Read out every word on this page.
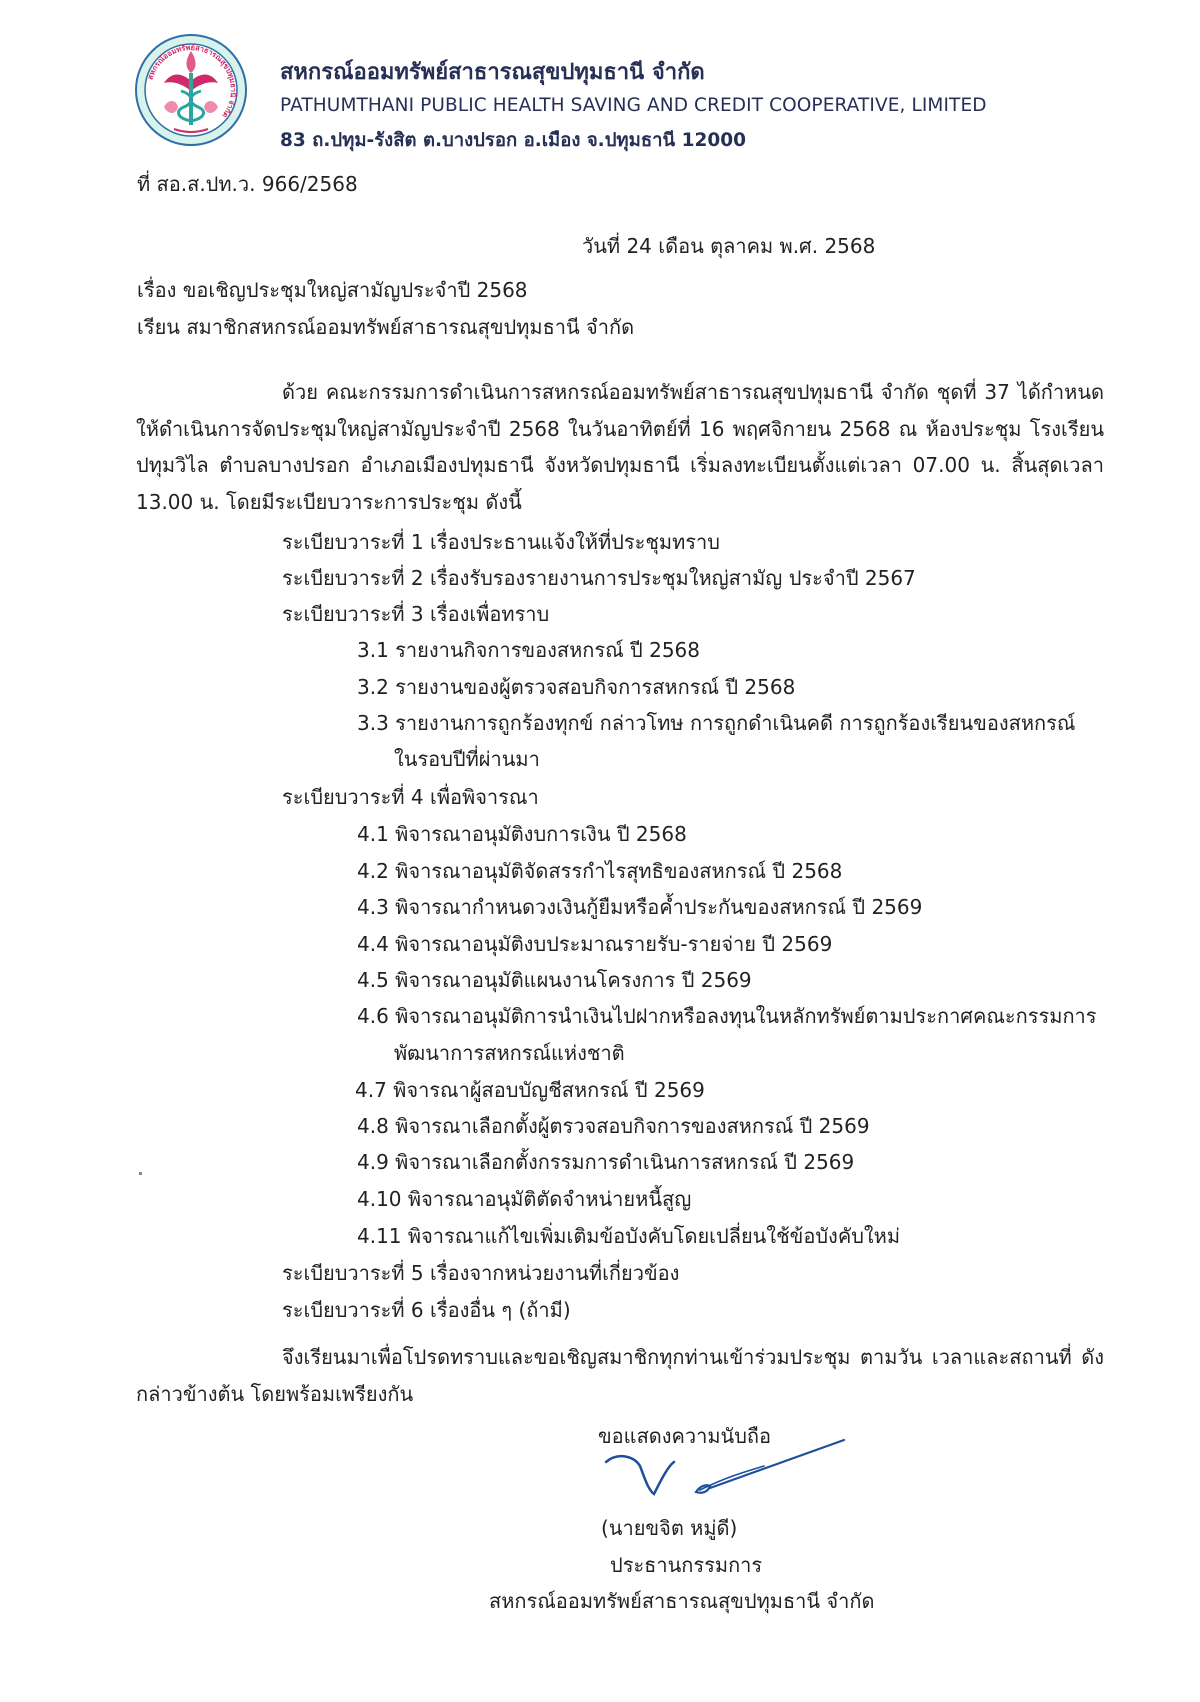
สหกรณ์ออมทรัพย์สาธารณสุขปทุมธานี จำกัด
สหกรณ์ออมทรัพย์สาธารณสุขปทุมธานี จำกัด
PATHUMTHANI PUBLIC HEALTH SAVING AND CREDIT COOPERATIVE, LIMITED
83 ถ.ปทุม-รังสิต ต.บางปรอก อ.เมือง จ.ปทุมธานี 12000
ที่ สอ.ส.ปท.ว. 966/2568
วันที่ 24 เดือน ตุลาคม พ.ศ. 2568
เรื่อง ขอเชิญประชุมใหญ่สามัญประจำปี 2568
เรียน สมาชิกสหกรณ์ออมทรัพย์สาธารณสุขปทุมธานี จำกัด
ด้วย คณะกรรมการดำเนินการสหกรณ์ออมทรัพย์สาธารณสุขปทุมธานี จำกัด ชุดที่ 37 ได้กำหนดให้ดำเนินการจัดประชุมใหญ่สามัญประจำปี 2568 ในวันอาทิตย์ที่ 16 พฤศจิกายน 2568 ณ ห้องประชุม โรงเรียนปทุมวิไล ตำบลบางปรอก อำเภอเมืองปทุมธานี จังหวัดปทุมธานี เริ่มลงทะเบียนตั้งแต่เวลา 07.00 น. สิ้นสุดเวลา 13.00 น. โดยมีระเบียบวาระการประชุม ดังนี้
ระเบียบวาระที่ 1 เรื่องประธานแจ้งให้ที่ประชุมทราบ
ระเบียบวาระที่ 2 เรื่องรับรองรายงานการประชุมใหญ่สามัญ ประจำปี 2567
ระเบียบวาระที่ 3 เรื่องเพื่อทราบ
3.1 รายงานกิจการของสหกรณ์ ปี 2568
3.2 รายงานของผู้ตรวจสอบกิจการสหกรณ์ ปี 2568
3.3 รายงานการถูกร้องทุกข์ กล่าวโทษ การถูกดำเนินคดี การถูกร้องเรียนของสหกรณ์
ในรอบปีที่ผ่านมา
ระเบียบวาระที่ 4 เพื่อพิจารณา
4.1 พิจารณาอนุมัติงบการเงิน ปี 2568
4.2 พิจารณาอนุมัติจัดสรรกำไรสุทธิของสหกรณ์ ปี 2568
4.3 พิจารณากำหนดวงเงินกู้ยืมหรือค้ำประกันของสหกรณ์ ปี 2569
4.4 พิจารณาอนุมัติงบประมาณรายรับ-รายจ่าย ปี 2569
4.5 พิจารณาอนุมัติแผนงานโครงการ ปี 2569
4.6 พิจารณาอนุมัติการนำเงินไปฝากหรือลงทุนในหลักทรัพย์ตามประกาศคณะกรรมการ
พัฒนาการสหกรณ์แห่งชาติ
4.7 พิจารณาผู้สอบบัญชีสหกรณ์ ปี 2569
4.8 พิจารณาเลือกตั้งผู้ตรวจสอบกิจการของสหกรณ์ ปี 2569
4.9 พิจารณาเลือกตั้งกรรมการดำเนินการสหกรณ์ ปี 2569
4.10 พิจารณาอนุมัติตัดจำหน่ายหนี้สูญ
4.11 พิจารณาแก้ไขเพิ่มเติมข้อบังคับโดยเปลี่ยนใช้ข้อบังคับใหม่
ระเบียบวาระที่ 5 เรื่องจากหน่วยงานที่เกี่ยวข้อง
ระเบียบวาระที่ 6 เรื่องอื่น ๆ (ถ้ามี)
จึงเรียนมาเพื่อโปรดทราบและขอเชิญสมาชิกทุกท่านเข้าร่วมประชุม ตามวัน เวลาและสถานที่ ดังกล่าวข้างต้น โดยพร้อมเพรียงกัน
ขอแสดงความนับถือ
(นายขจิต หมู่ดี)
ประธานกรรมการ
สหกรณ์ออมทรัพย์สาธารณสุขปทุมธานี จำกัด
